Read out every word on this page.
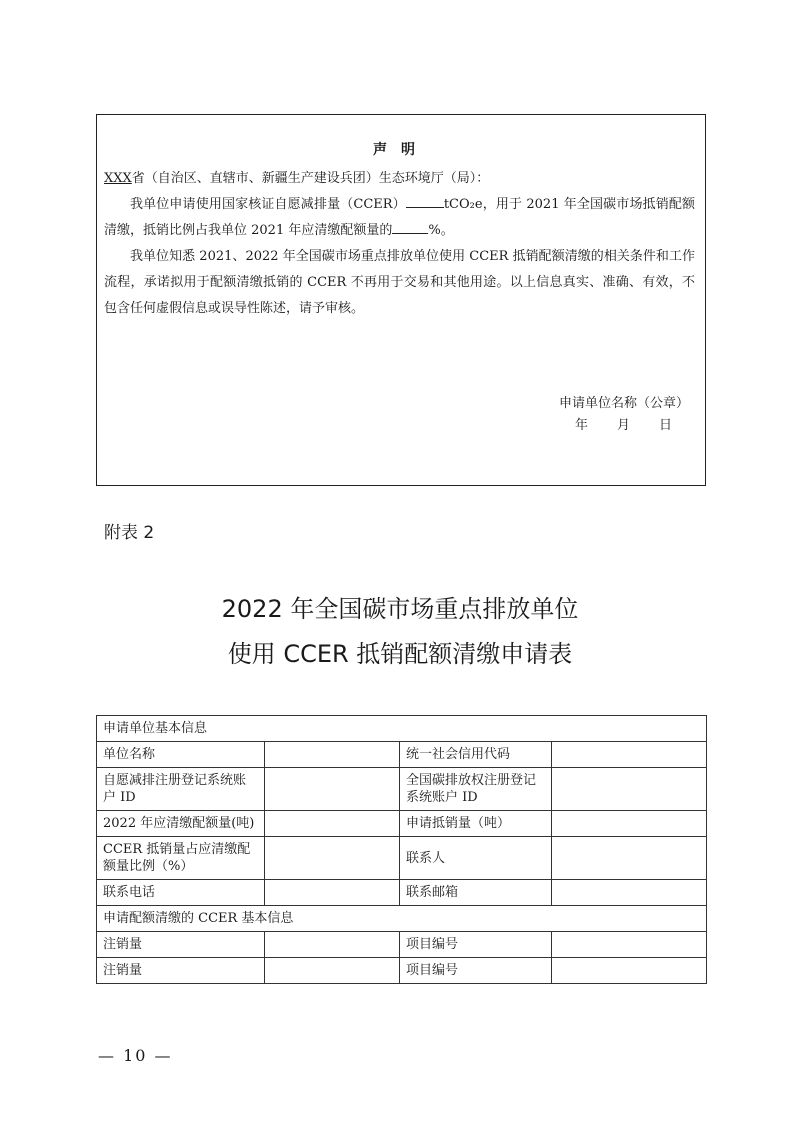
声明

XXX省（自治区、直辖市、新疆生产建设兵团）生态环境厅（局）：

我单位申请使用国家核证自愿减排量（CCER）	tCO₂e，用于 2021 年全国碳市场抵销配额清缴，抵销比例占我单位 2021 年应清缴配额量的	%。

我单位知悉 2021、2022 年全国碳市场重点排放单位使用 CCER 抵销配额清缴的相关条件和工作流程，承诺拟用于配额清缴抵销的 CCER 不再用于交易和其他用途。以上信息真实、准确、有效，不包含任何虚假信息或误导性陈述，请予审核。

申请单位名称（公章）
年 月 日
附表 2
2022 年全国碳市场重点排放单位
使用 CCER 抵销配额清缴申请表
申请单位基本信息			
单位名称		统一社会信用代码	
自愿减排注册登记系统账户 ID		全国碳排放权注册登记系统账户 ID	
2022 年应清缴配额量(吨)		申请抵销量（吨）	
CCER 抵销量占应清缴配额量比例（%）		联系人	
联系电话		联系邮箱	
申请配额清缴的 CCER 基本信息			
注销量		项目编号	
注销量		项目编号	
— 10 —
